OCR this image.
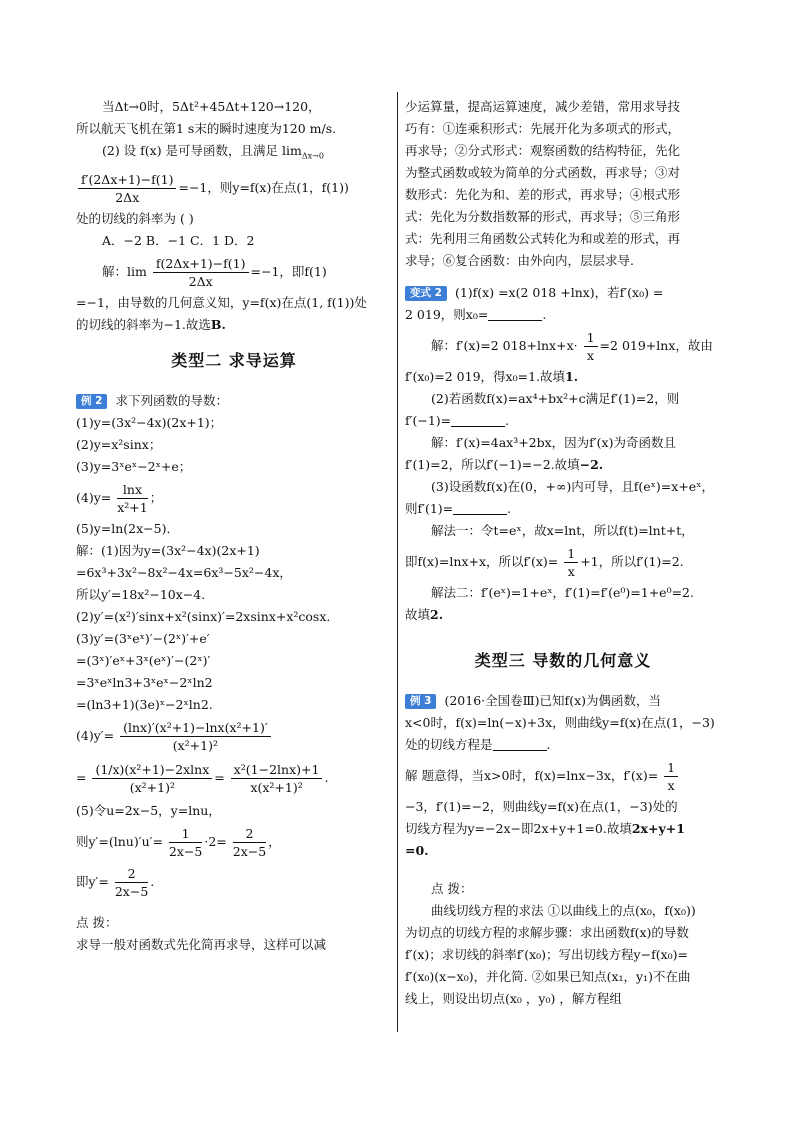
当Δt→0时，5Δt²+45Δt+120→120，
所以航天飞机在第1 s末的瞬时速度为120 m/s.
(2) 设 f(x) 是可导函数，且满足 $\lim_{\Delta x\to 0}$
$\frac{f'(2\Delta x+1)-f(1)}{2\Delta x} =-1$，则y=f(x)在点(1，f(1))
处的切线的斜率为 ( )
A．−2 B．−1 C．1 D．2
解：$\lim \frac{f(2\Delta x+1)-f(1)}{2\Delta x} =-1$，即f(1)
=−1，由导数的几何意义知，y=f(x)在点(1, f(1))处
的切线的斜率为−1.故选B.
类型二 求导运算
例 2 求下列函数的导数：
(1)y=(3x²−4x)(2x+1)；
(2)y=x²sinx；
(3)y=3ˣeˣ−2ˣ+e；
$(4)y= \frac{\ln x}{\text{x²+1}}$ ；
(5)y=ln(2x−5)．
解：(1)因为y=(3x²−4x)(2x+1)
=6x³+3x²−8x²−4x=6x³−5x²−4x，
所以y′=18x²−10x−4.
(2)y′=(x²)′sinx+x²(sinx)′=2xsinx+x²cosx.
(3)y′=(3ˣeˣ)′−(2ˣ)′+e′
=(3ˣ)′eˣ+3ˣ(eˣ)′−(2ˣ)′
=3ˣeˣln3+3ˣeˣ−2ˣln2
=(ln3+1)(3e)ˣ−2ˣln2.
$(4)y'= \frac{\text{(lnx)′(x²+1)−lnx(x²+1)′}}{\text{(x²+1)²}}$
= $\frac{\text{(1/x)(x²+1)−2xlnx}}{\text{(x²+1)²}} = \frac{\text{x²(1−2lnx)+1}}{\text{x(x²+1)²}}$ .
(5)令u=2x−5，y=lnu，
则$y'=(\ln u)'u'= \frac{1}{2x-5} \cdot 2= \frac{2}{2x-5}$ ，
即$y'= \frac{2}{2x-5}$ .
点 拨：
求导一般对函数式先化简再求导，这样可以减
少运算量，提高运算速度，减少差错，常用求导技
巧有：①连乘积形式：先展开化为多项式的形式，
再求导；②分式形式：观察函数的结构特征，先化
为整式函数或较为简单的分式函数，再求导；③对
数形式：先化为和、差的形式，再求导；④根式形
式：先化为分数指数幂的形式，再求导；⑤三角形
式：先利用三角函数公式转化为和或差的形式，再
求导；⑥复合函数：由外向内，层层求导.
变式 2 (1)f(x) =x(2 018 +lnx)，若f′(x₀) =
2 019，则x₀=	.
解：f′(x)=2 $018+\ln x+x\cdot \frac{1}{x} =2$ 019+lnx，故由
f′(x₀)=2 019，得x₀=1.故填1.
(2)若函数f(x)=ax⁴+bx²+c满足f′(1)=2，则
f′(−1)=	.
解：f′(x)=4ax³+2bx，因为f′(x)为奇函数且
f′(1)=2，所以f′(−1)=−2.故填−2.
(3)设函数f(x)在(0，+∞)内可导，且f(eˣ)=x+eˣ，
则f′(1)=	.
解法一：令t=eˣ，故x=lnt，所以f(t)=lnt+t，
即f(x)=lnx+x，所以$f'(x)= \frac{1}{x} +1$，所以f′(1)=2.
解法二：f′(eˣ)=1+eˣ，f′(1)=f′(e⁰)=1+e⁰=2.
故填2.
类型三 导数的几何意义
例 3 (2016·全国卷Ⅲ)已知f(x)为偶函数，当
x<0时，f(x)=ln(−x)+3x，则曲线y=f(x)在点(1，−3)
处的切线方程是	.
解 题意得，当x>0时，f(x)=lnx−3x，$f'(x)= \frac{1}{x}$
−3，f′(1)=−2，则曲线y=f(x)在点(1，−3)处的
切线方程为y=−2x−即2x+y+1=0.故填2x+y+1
=0.
点 拨：
曲线切线方程的求法 ①以曲线上的点(x₀，f(x₀))
为切点的切线方程的求解步骤：求出函数f(x)的导数
f′(x)；求切线的斜率f′(x₀)；写出切线方程y−f(x₀)=
f′(x₀)(x−x₀)，并化简. ②如果已知点(x₁，y₁)不在曲
线上，则设出切点(x₀ ，y₀) ，解方程组
